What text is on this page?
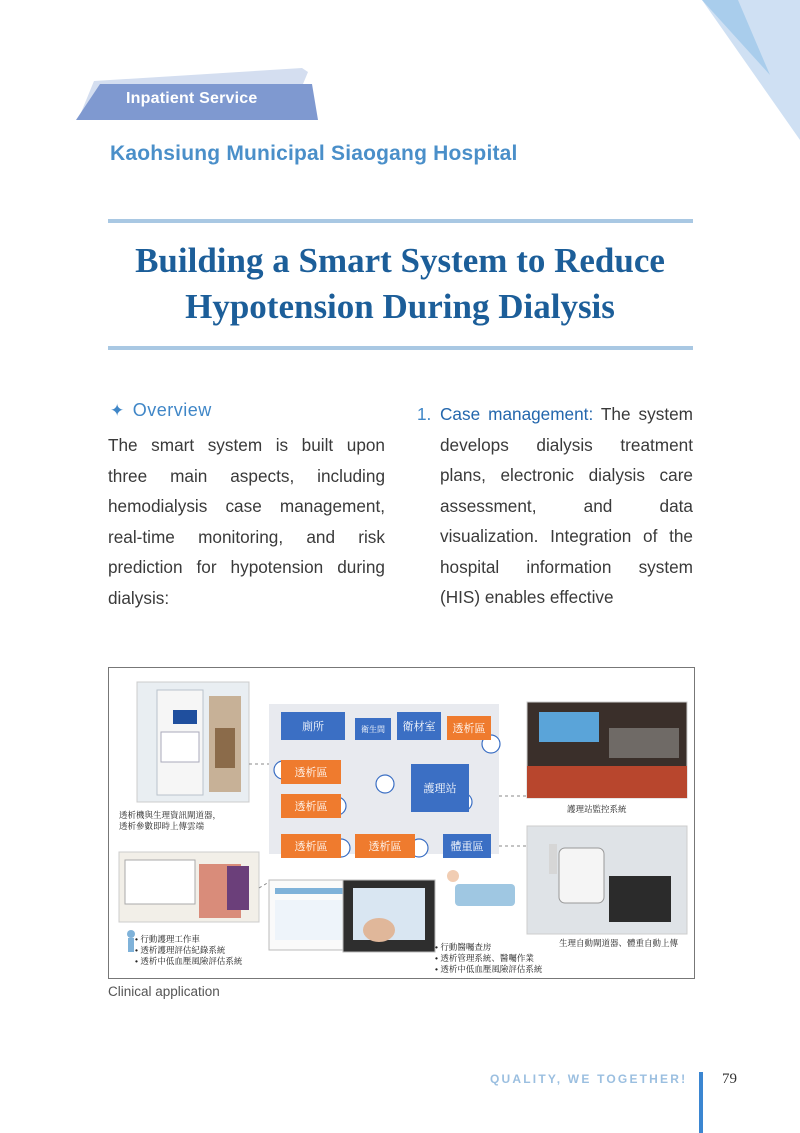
Inpatient Service
Kaohsiung Municipal Siaogang Hospital
Building a Smart System to Reduce
Hypotension During Dialysis
✦ Overview
The smart system is built upon three main aspects, including hemodialysis case management, real-time monitoring, and risk prediction for hypotension during dialysis:
1. Case management: The system develops dialysis treatment plans, electronic dialysis care assessment, and data visualization. Integration of the hospital information system (HIS) enables effective
廁所	衛生間	衛材室	透析區
透析區
護理站
透析區
透析區	透析區	體重區
透析機與生理資訊閘道器，
透析參數即時上傳雲端
護理站監控系統
• 行動護理工作車
• 透析護理評估紀錄系統
• 透析中低血壓風險評估系統
• 行動醫囑查房
• 透析管理系統、醫囑作業
• 透析中低血壓風險評估系統
生理自動閘道器、體重自動上傳
Clinical application
QUALITY, WE TOGETHER! 79
